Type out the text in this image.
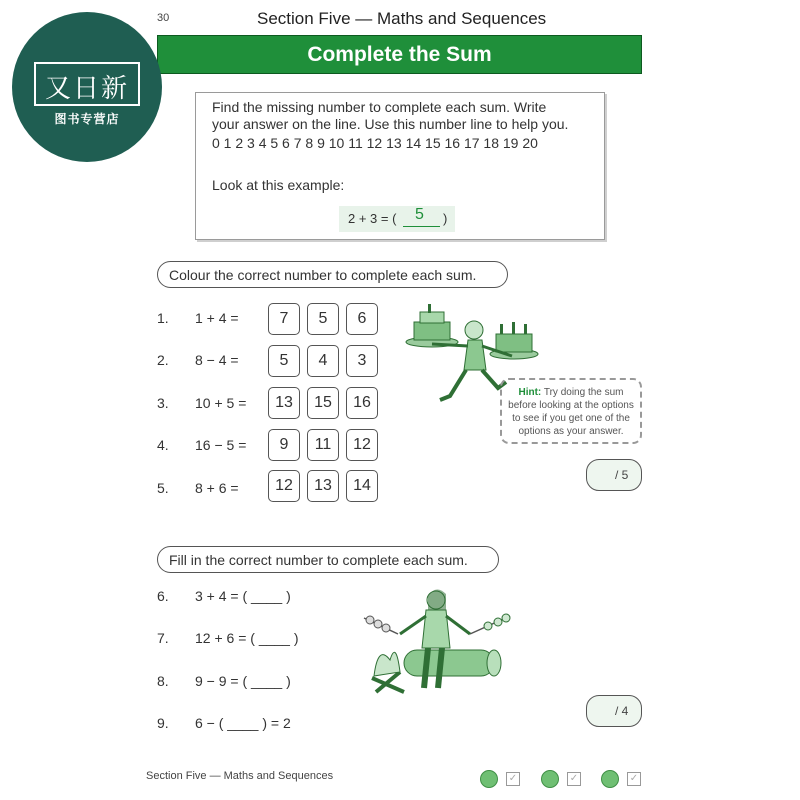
30	Section Five — Maths and Sequences
Complete the Sum
又日新
图书专营店
Find the missing number to complete each sum. Write
your answer on the line. Use this number line to help you.
0 1 2 3 4 5 6 7 8 9 10 11 12 13 14 15 16 17 18 19 20
Look at this example:
2 + 3 = ( 5 )
Colour the correct number to complete each sum.
1. 1 + 4 =	7	5	6
2. 8 − 4 =	5	4	3
3. 10 + 5 =	13	15	16
4. 16 − 5 =	9	11	12
5. 8 + 6 =	12	13	14
Hint: Try doing the sum before looking at the options to see if you get one of the options as your answer.
/ 5
Fill in the correct number to complete each sum.
6. 3 + 4 = ( ____ )
7. 12 + 6 = ( ____ )
8. 9 − 9 = ( ____ )
9. 6 − ( ____ ) = 2
/ 4
Section Five — Maths and Sequences	✓	✓	✓
